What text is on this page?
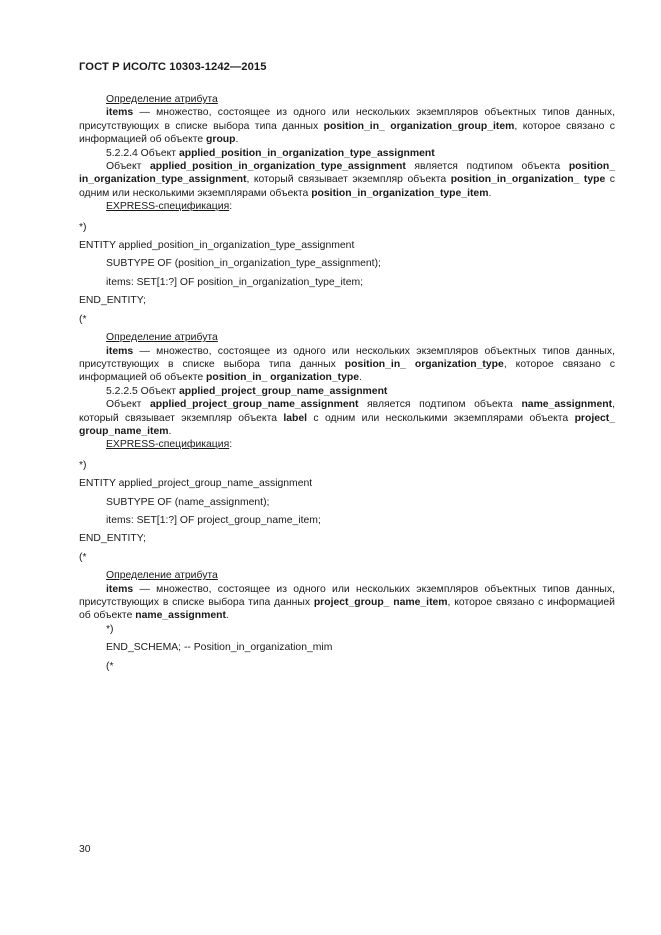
ГОСТ Р ИСО/ТС 10303-1242—2015

Определение атрибута

items — множество, состоящее из одного или нескольких экземпляров объектных типов данных, присутствующих в списке выбора типа данных position_in_ organization_group_item, которое связано с информацией об объекте group.

5.2.2.4 Объект applied_position_in_organization_type_assignment

Объект applied_position_in_organization_type_assignment является подтипом объекта position_ in_organization_type_assignment, который связывает экземпляр объекта position_in_organization_ type с одним или несколькими экземплярами объекта position_in_organization_type_item.

EXPRESS-спецификация:

*)

ENTITY applied_position_in_organization_type_assignment

SUBTYPE OF (position_in_organization_type_assignment);

items: SET[1:?] OF position_in_organization_type_item;

END_ENTITY;

(*

Определение атрибута

items — множество, состоящее из одного или нескольких экземпляров объектных типов данных, присутствующих в списке выбора типа данных position_in_ organization_type, которое связано с информацией об объекте position_in_ organization_type.

5.2.2.5 Объект applied_project_group_name_assignment

Объект applied_project_group_name_assignment является подтипом объекта name_assignment, который связывает экземпляр объекта label с одним или несколькими экземплярами объекта project_ group_name_item.

EXPRESS-спецификация:

*)

ENTITY applied_project_group_name_assignment

SUBTYPE OF (name_assignment);

items: SET[1:?] OF project_group_name_item;

END_ENTITY;

(*

Определение атрибута

items — множество, состоящее из одного или нескольких экземпляров объектных типов данных, присутствующих в списке выбора типа данных project_group_ name_item, которое связано с информацией об объекте name_assignment.

*)

END_SCHEMA; -- Position_in_organization_mim

(*

30
